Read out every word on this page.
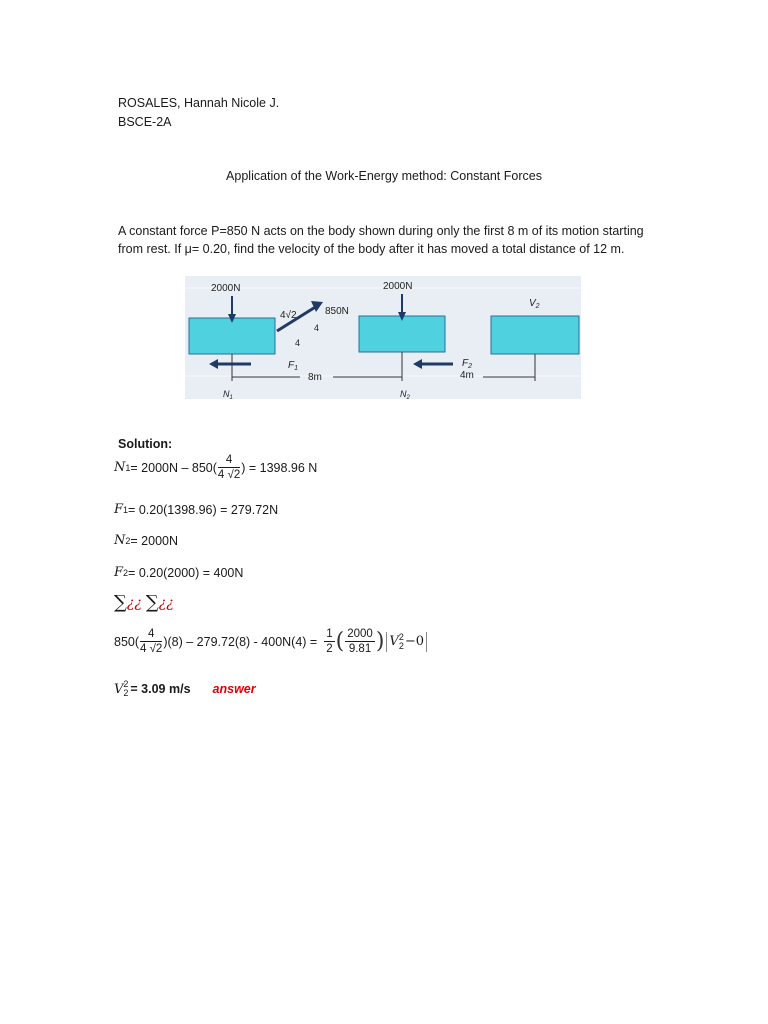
ROSALES, Hannah Nicole J.
BSCE-2A
Application of the Work-Energy method: Constant Forces
A constant force P=850 N acts on the body shown during only the first 8 m of its motion starting from rest. If μ= 0.20, find the velocity of the body after it has moved a total distance of 12 m.
2000N	2000N
850N
4√2
4
4
$F_1$	$F_2$
8m	4m
$N_1$	$N_2$
$V_2$
Solution:
N $1 = 2000N - 850( \frac{4}{4 √2}$ ) = 1398.96 N
F 1 = 0.20(1398.96) = 279.72N
N 2 = 2000N
F 2 = 0.20(2000) = 400N
∑ ¿¿ ∑ ¿¿
$850( \frac{4}{4 √2} )(8) - 279.72(8) - 400N(4) = \frac{1}{2}$ ( $\frac{2000}{9.81}$ ) V 2
2 −0
V 2
2 = 3.09 m/s answer
